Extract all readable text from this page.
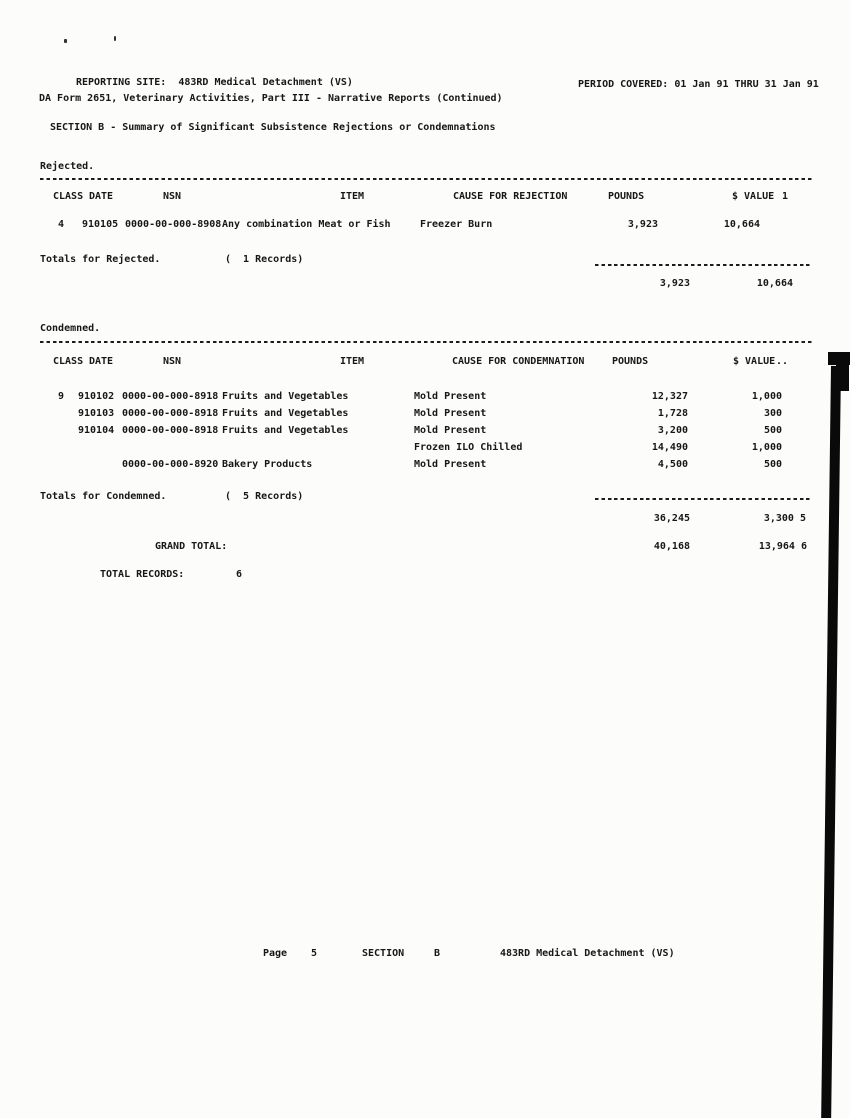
REPORTING SITE:  483RD Medical Detachment (VS)	PERIOD COVERED: 01 Jan 91 THRU 31 Jan 91
DA Form 2651, Veterinary Activities, Part III - Narrative Reports (Continued)
SECTION B - Summary of Significant Subsistence Rejections or Condemnations
Rejected.
CLASS DATE	NSN	ITEM	CAUSE FOR REJECTION	POUNDS	$ VALUE 1
4 910105 0000-00-000-8908 Any combination Meat or Fish	Freezer Burn	3,923	10,664
Totals for Rejected.	(  1 Records)
3,923	10,664
Condemned.
CLASS DATE	NSN	ITEM	CAUSE FOR CONDEMNATION	POUNDS	$ VALUE ..
9 910102 0000-00-000-8918 Fruits and Vegetables	Mold Present	12,327	1,000
910103 0000-00-000-8918 Fruits and Vegetables	Mold Present	1,728	300
910104 0000-00-000-8918 Fruits and Vegetables	Mold Present	3,200	500
Frozen ILO Chilled	14,490	1,000
0000-00-000-8920 Bakery Products	Mold Present	4,500	500
Totals for Condemned.	(  5 Records)
36,245	3,300 5
GRAND TOTAL:	40,168	13,964 6
TOTAL RECORDS:	6
Page 5	SECTION	B	483RD Medical Detachment (VS)
